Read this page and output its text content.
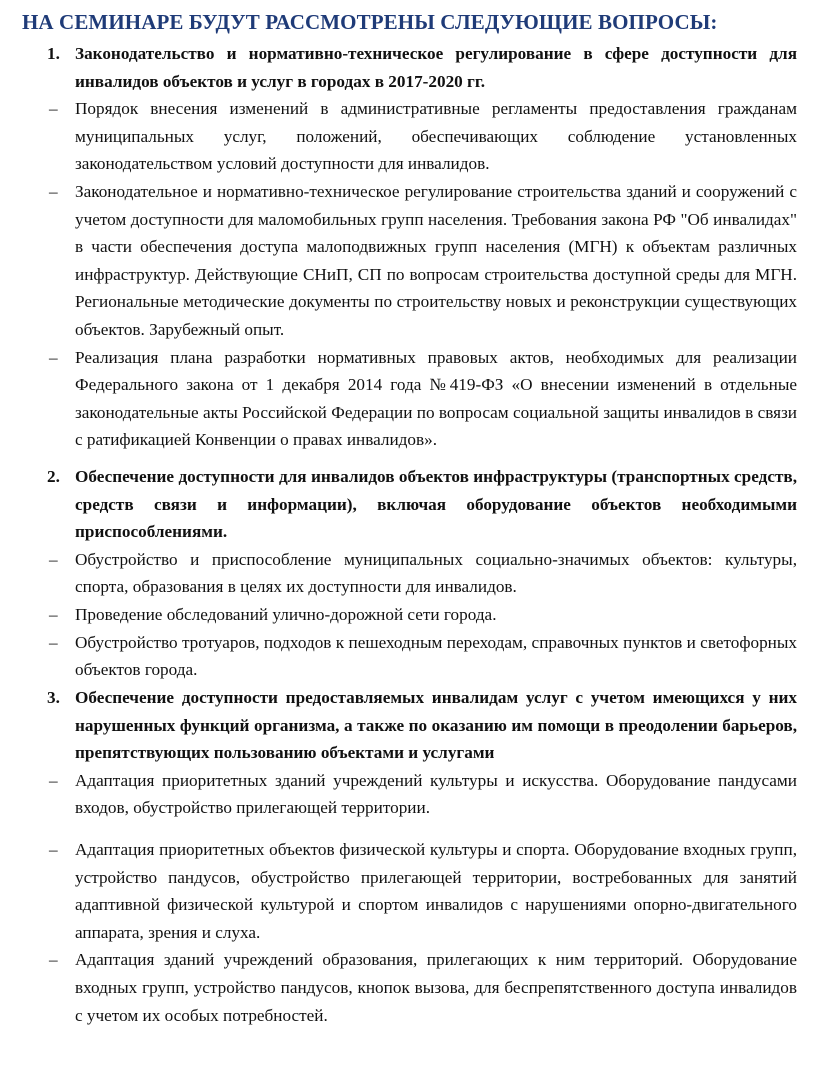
НА СЕМИНАРЕ БУДУТ РАССМОТРЕНЫ СЛЕДУЮЩИЕ ВОПРОСЫ:
1. Законодательство и нормативно-техническое регулирование в сфере доступности для инвалидов объектов и услуг в городах в 2017-2020 гг.
–	Порядок внесения изменений в административные регламенты предоставления гражданам муниципальных услуг, положений, обеспечивающих соблюдение установленных законодательством условий доступности для инвалидов.
–	Законодательное и нормативно-техническое регулирование строительства зданий и сооружений с учетом доступности для маломобильных групп населения. Требования закона РФ "Об инвалидах" в части обеспечения доступа малоподвижных групп населения (МГН) к объектам различных инфраструктур. Действующие СНиП, СП по вопросам строительства доступной среды для МГН. Региональные методические документы по строительству новых и реконструкции существующих объектов. Зарубежный опыт.
–	Реализация плана разработки нормативных правовых актов, необходимых для реализации Федерального закона от 1 декабря 2014 года №419-ФЗ «О внесении изменений в отдельные законодательные акты Российской Федерации по вопросам социальной защиты инвалидов в связи с ратификацией Конвенции о правах инвалидов».
2. Обеспечение доступности для инвалидов объектов инфраструктуры (транспортных средств, средств связи и информации), включая оборудование объектов необходимыми приспособлениями.
–	Обустройство и приспособление муниципальных социально-значимых объектов: культуры, спорта, образования в целях их доступности для инвалидов.
–	Проведение обследований улично-дорожной сети города.
–	Обустройство тротуаров, подходов к пешеходным переходам, справочных пунктов и светофорных объектов города.
3. Обеспечение доступности предоставляемых инвалидам услуг с учетом имеющихся у них нарушенных функций организма, а также по оказанию им помощи в преодолении барьеров, препятствующих пользованию объектами и услугами
–	Адаптация приоритетных зданий учреждений культуры и искусства. Оборудование пандусами входов, обустройство прилегающей территории.
–	Адаптация приоритетных объектов физической культуры и спорта. Оборудование входных групп, устройство пандусов, обустройство прилегающей территории, востребованных для занятий адаптивной физической культурой и спортом инвалидов с нарушениями опорно-двигательного аппарата, зрения и слуха.
–	Адаптация зданий учреждений образования, прилегающих к ним территорий. Оборудование входных групп, устройство пандусов, кнопок вызова, для беспрепятственного доступа инвалидов с учетом их особых потребностей.
